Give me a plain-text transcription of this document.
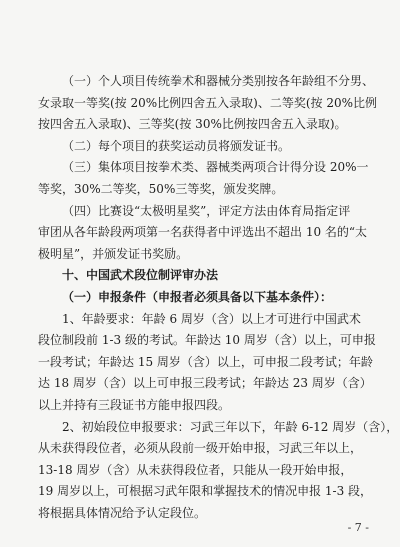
（一）个人项目传统拳术和器械分类别按各年龄组不分男、
女录取一等奖(按 20%比例四舍五入录取)、二等奖(按 20%比例
按四舍五入录取)、三等奖(按 30%比例按四舍五入录取)。
（二）每个项目的获奖运动员将颁发证书。
（三）集体项目按拳术类、器械类两项合计得分设 20%一
等奖，30%二等奖，50%三等奖，颁发奖牌。
（四）比赛设“太极明星奖”，评定方法由体育局指定评
审团从各年龄段两项第一名获得者中评选出不超出 10 名的“太
极明星”，并颁发证书奖励。
十、中国武术段位制评审办法
（一）申报条件（申报者必须具备以下基本条件）：
1、年龄要求：年龄 6 周岁（含）以上才可进行中国武术
段位制段前 1-3 级的考试。年龄达 10 周岁（含）以上，可申报
一段考试；年龄达 15 周岁（含）以上，可申报二段考试；年龄
达 18 周岁（含）以上可申报三段考试；年龄达 23 周岁（含）
以上并持有三段证书方能申报四段。
2、初始段位申报要求：习武三年以下，年龄 6-12 周岁（含），
从未获得段位者，必须从段前一级开始申报，习武三年以上，
13-18 周岁（含）从未获得段位者，只能从一段开始申报，
19 周岁以上，可根据习武年限和掌握技术的情况申报 1-3 段，
将根据具体情况给予认定段位。
- 7 -
